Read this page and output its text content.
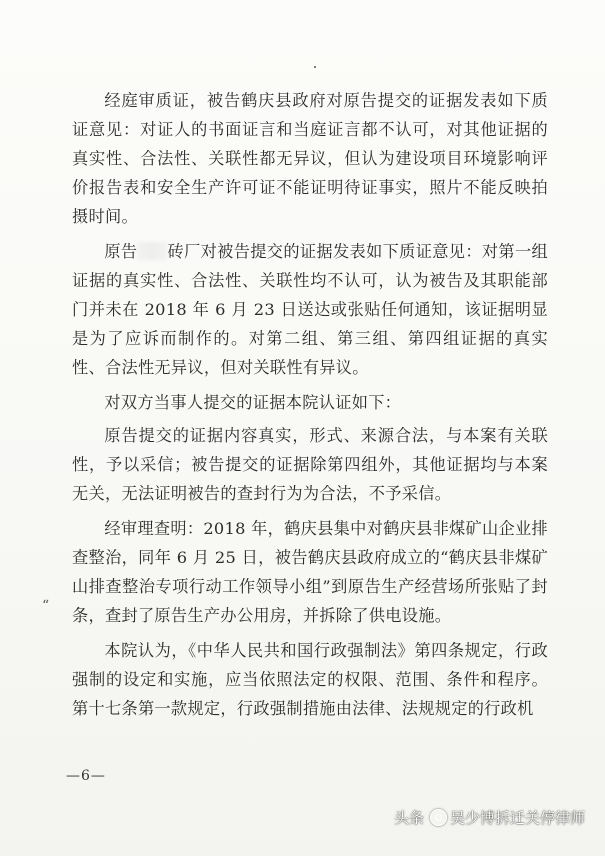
经庭审质证，被告鹤庆县政府对原告提交的证据发表如下质证意见：对证人的书面证言和当庭证言都不认可，对其他证据的真实性、合法性、关联性都无异议，但认为建设项目环境影响评价报告表和安全生产许可证不能证明待证事实，照片不能反映拍摄时间。

原告 砖厂对被告提交的证据发表如下质证意见：对第一组证据的真实性、合法性、关联性均不认可，认为被告及其职能部门并未在 2018 年 6 月 23 日送达或张贴任何通知，该证据明显是为了应诉而制作的。对第二组、第三组、第四组证据的真实性、合法性无异议，但对关联性有异议。

对双方当事人提交的证据本院认证如下：

原告提交的证据内容真实，形式、来源合法，与本案有关联性，予以采信；被告提交的证据除第四组外，其他证据均与本案无关，无法证明被告的查封行为为合法，不予采信。

经审理查明：2018 年，鹤庆县集中对鹤庆县非煤矿山企业排查整治，同年 6 月 25 日，被告鹤庆县政府成立的“鹤庆县非煤矿山排查整治专项行动工作领导小组”到原告生产经营场所张贴了封条，查封了原告生产办公用房，并拆除了供电设施。

本院认为，《中华人民共和国行政强制法》第四条规定，行政强制的设定和实施，应当依照法定的权限、范围、条件和程序。第十七条第一款规定，行政强制措施由法律、法规规定的行政机

“
—6—
头条 吴少博拆迁关停律师
